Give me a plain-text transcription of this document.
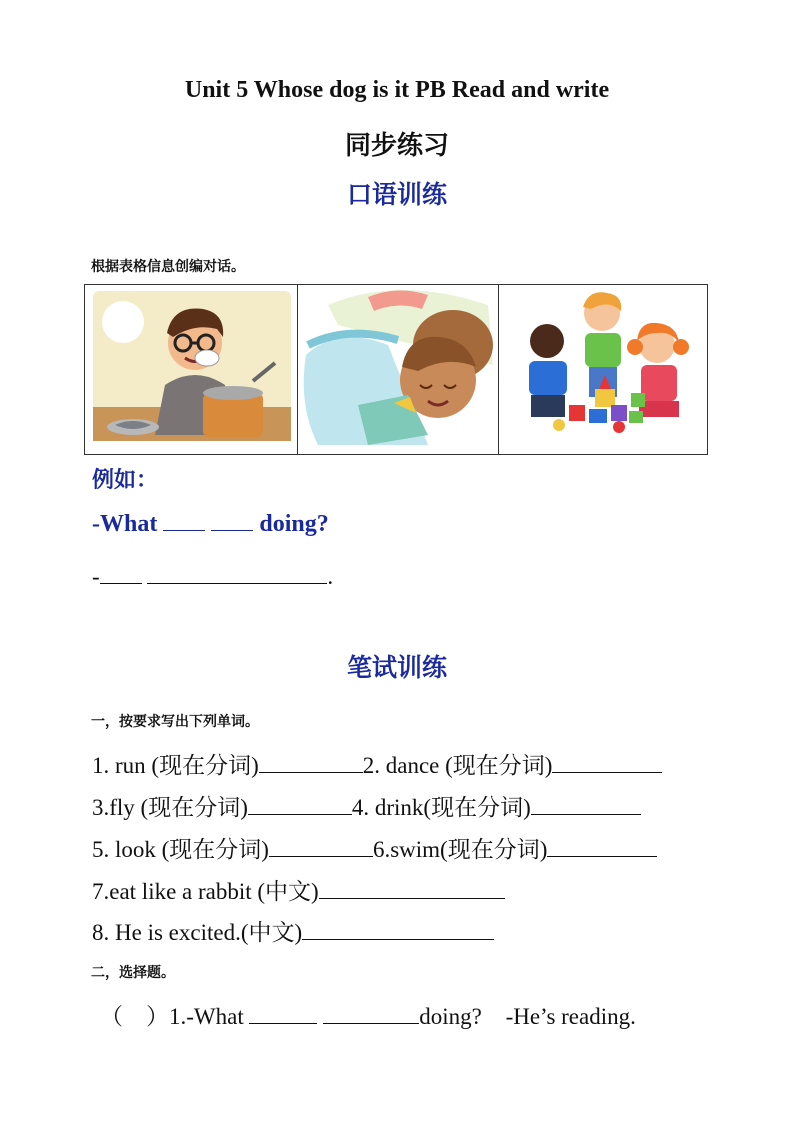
Unit 5 Whose dog is it PB Read and write
同步练习
口语训练
根据表格信息创编对话。
例如：
-What	doing?
-	.
笔试训练
一，按要求写出下列单词。
1. run (现在分词)	2. dance (现在分词)
3.fly (现在分词)	4. drink(现在分词)
5. look (现在分词)	6.swim(现在分词)
7.eat like a rabbit (中文)
8. He is excited.(中文)
二，选择题。
（　）1.-What	doing? -He’s reading.
